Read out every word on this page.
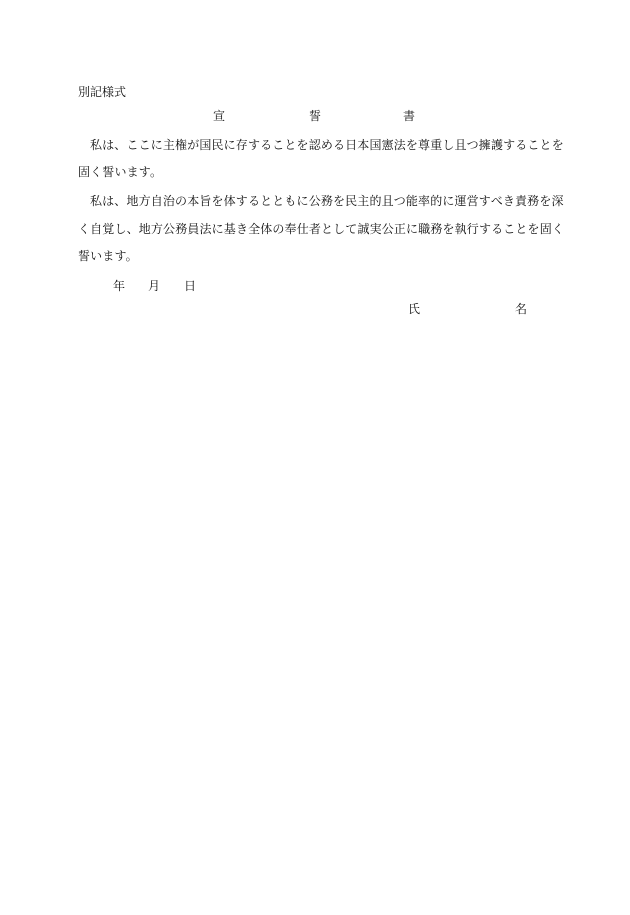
別記様式
宣	誓	書
私は、ここに主権が国民に存することを認める日本国憲法を尊重し且つ擁護することを
固く誓います。
私は、地方自治の本旨を体するとともに公務を民主的且つ能率的に運営すべき責務を深
く自覚し、地方公務員法に基き全体の奉仕者として誠実公正に職務を執行することを固く
誓います。
年 月 日
氏	名
